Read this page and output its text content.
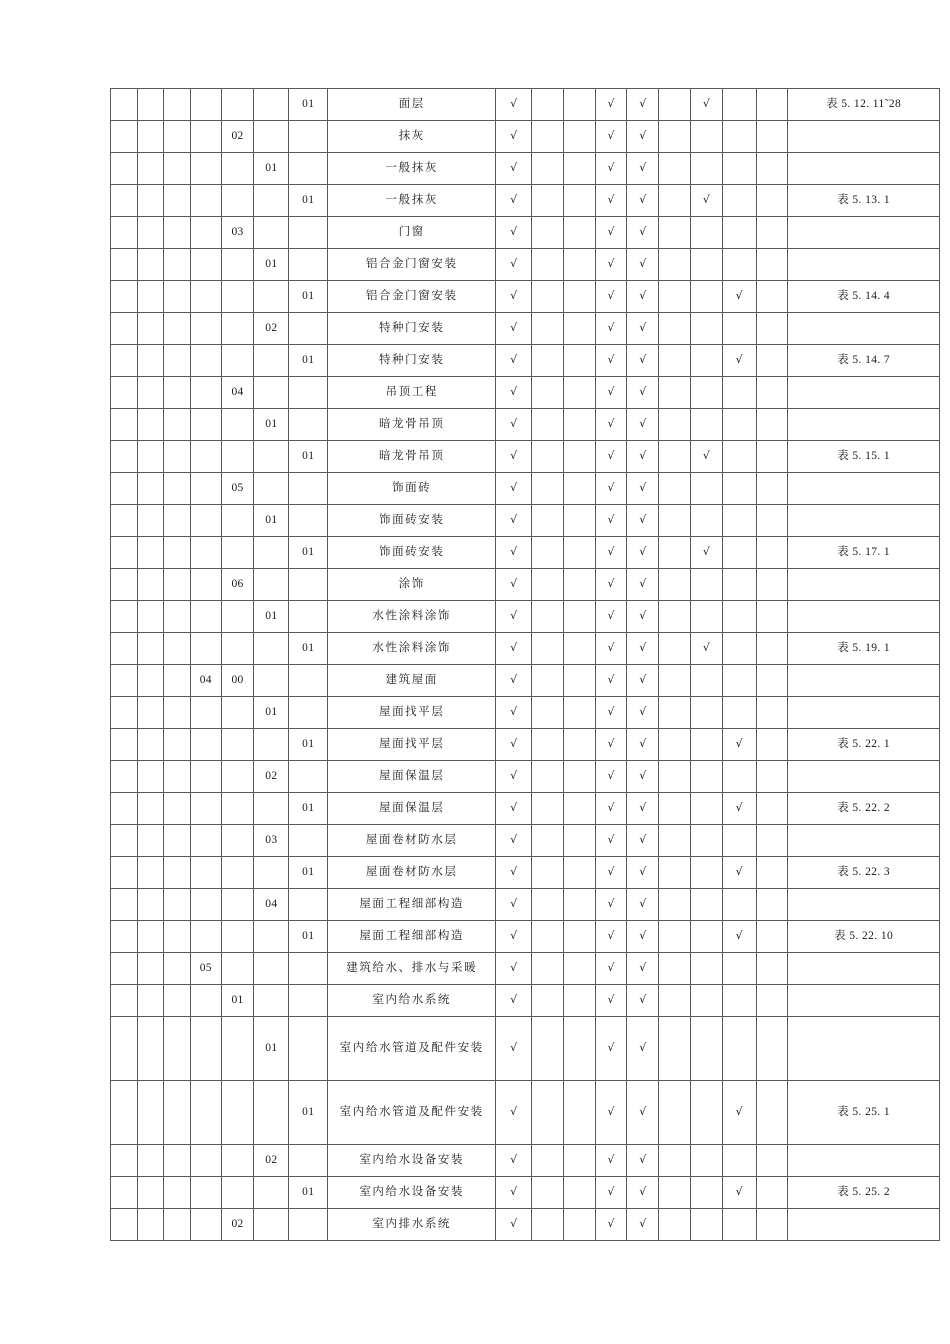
						01	面层	√			√	√		√			表 5. 12. 11˜28
				02			抹灰	√			√	√					
					01		一般抹灰	√			√	√					
						01	一般抹灰	√			√	√		√			表 5. 13. 1
				03			门窗	√			√	√					
					01		铝合金门窗安装	√			√	√					
						01	铝合金门窗安装	√			√	√			√		表 5. 14. 4
					02		特种门安装	√			√	√					
						01	特种门安装	√			√	√			√		表 5. 14. 7
				04			吊顶工程	√			√	√					
					01		暗龙骨吊顶	√			√	√					
						01	暗龙骨吊顶	√			√	√		√			表 5. 15. 1
				05			饰面砖	√			√	√					
					01		饰面砖安装	√			√	√					
						01	饰面砖安装	√			√	√		√			表 5. 17. 1
				06			涂饰	√			√	√					
					01		水性涂料涂饰	√			√	√					
						01	水性涂料涂饰	√			√	√		√			表 5. 19. 1
			04	00			建筑屋面	√			√	√					
					01		屋面找平层	√			√	√					
						01	屋面找平层	√			√	√			√		表 5. 22. 1
					02		屋面保温层	√			√	√					
						01	屋面保温层	√			√	√			√		表 5. 22. 2
					03		屋面卷材防水层	√			√	√					
						01	屋面卷材防水层	√			√	√			√		表 5. 22. 3
					04		屋面工程细部构造	√			√	√					
						01	屋面工程细部构造	√			√	√			√		表 5. 22. 10
			05				建筑给水、排水与采暖	√			√	√					
				01			室内给水系统	√			√	√					
					01		室内给水管道及配件安装	√			√	√					
						01	室内给水管道及配件安装	√			√	√			√		表 5. 25. 1
					02		室内给水设备安装	√			√	√					
						01	室内给水设备安装	√			√	√			√		表 5. 25. 2
				02			室内排水系统	√			√	√					
